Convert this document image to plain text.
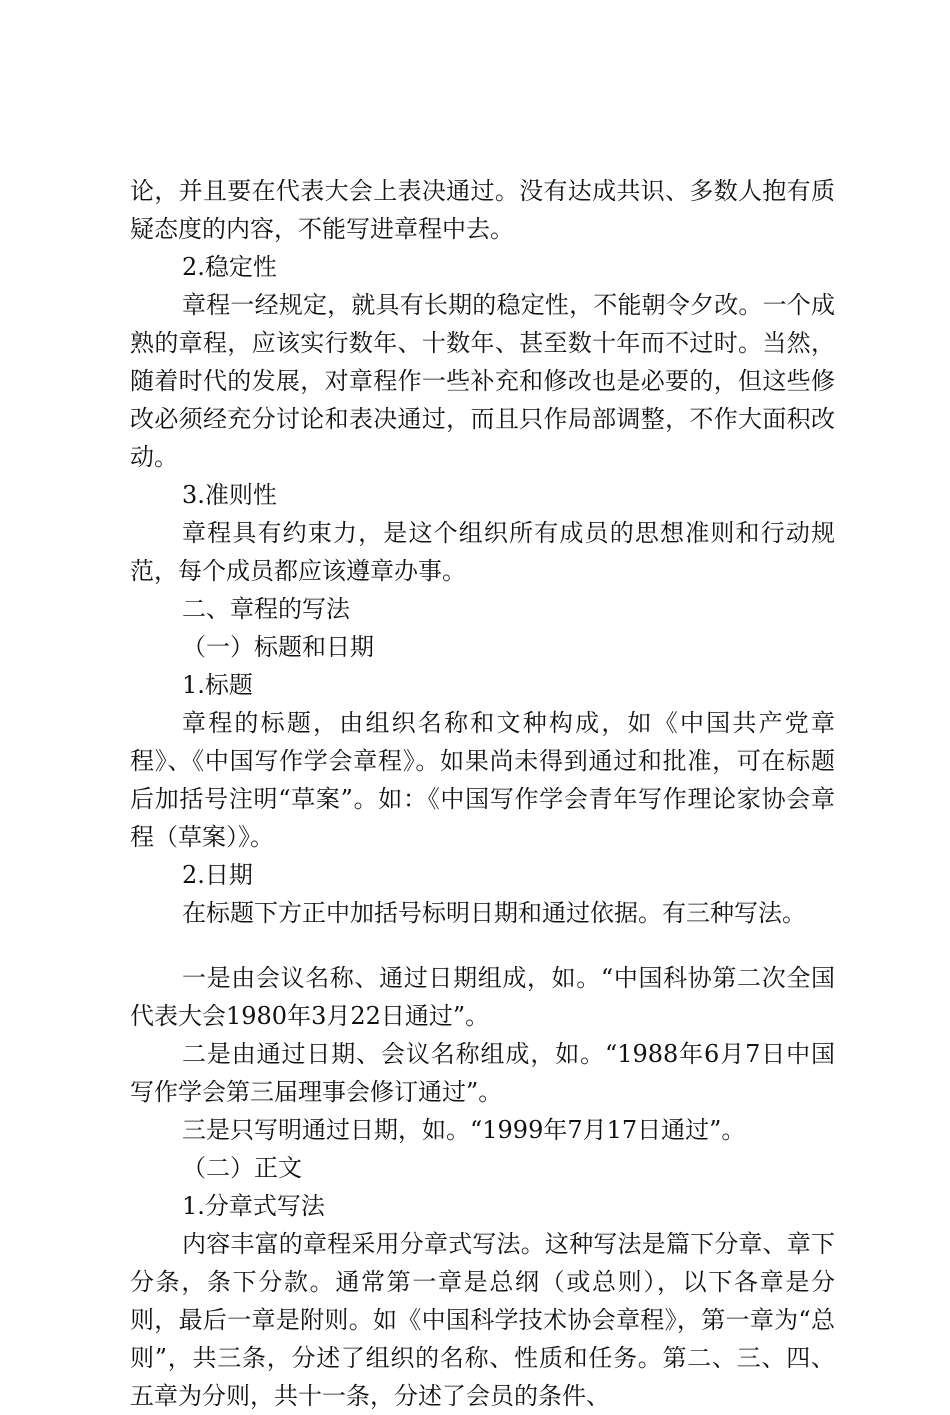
论，并且要在代表大会上表决通过。没有达成共识、多数人抱有质疑态度的内容，不能写进章程中去。

2.稳定性

章程一经规定，就具有长期的稳定性，不能朝令夕改。一个成熟的章程，应该实行数年、十数年、甚至数十年而不过时。当然，随着时代的发展，对章程作一些补充和修改也是必要的，但这些修改必须经充分讨论和表决通过，而且只作局部调整，不作大面积改动。

3.准则性

章程具有约束力，是这个组织所有成员的思想准则和行动规范，每个成员都应该遵章办事。

二、章程的写法

（一）标题和日期

1.标题

章程的标题，由组织名称和文种构成，如《中国共产党章程》、《中国写作学会章程》。如果尚未得到通过和批准，可在标题后加括号注明“草案”。如：《中国写作学会青年写作理论家协会章程（草案）》。

2.日期

在标题下方正中加括号标明日期和通过依据。有三种写法。

一是由会议名称、通过日期组成，如。“中国科协第二次全国代表大会1980年3月22日通过”。

二是由通过日期、会议名称组成，如。“1988年6月7日中国写作学会第三届理事会修订通过”。

三是只写明通过日期，如。“1999年7月17日通过”。

（二）正文

1.分章式写法

内容丰富的章程采用分章式写法。这种写法是篇下分章、章下分条，条下分款。通常第一章是总纲（或总则），以下各章是分则，最后一章是附则。如《中国科学技术协会章程》，第一章为“总则”，共三条，分述了组织的名称、性质和任务。第二、三、四、五章为分则，共十一条，分述了会员的条件、
